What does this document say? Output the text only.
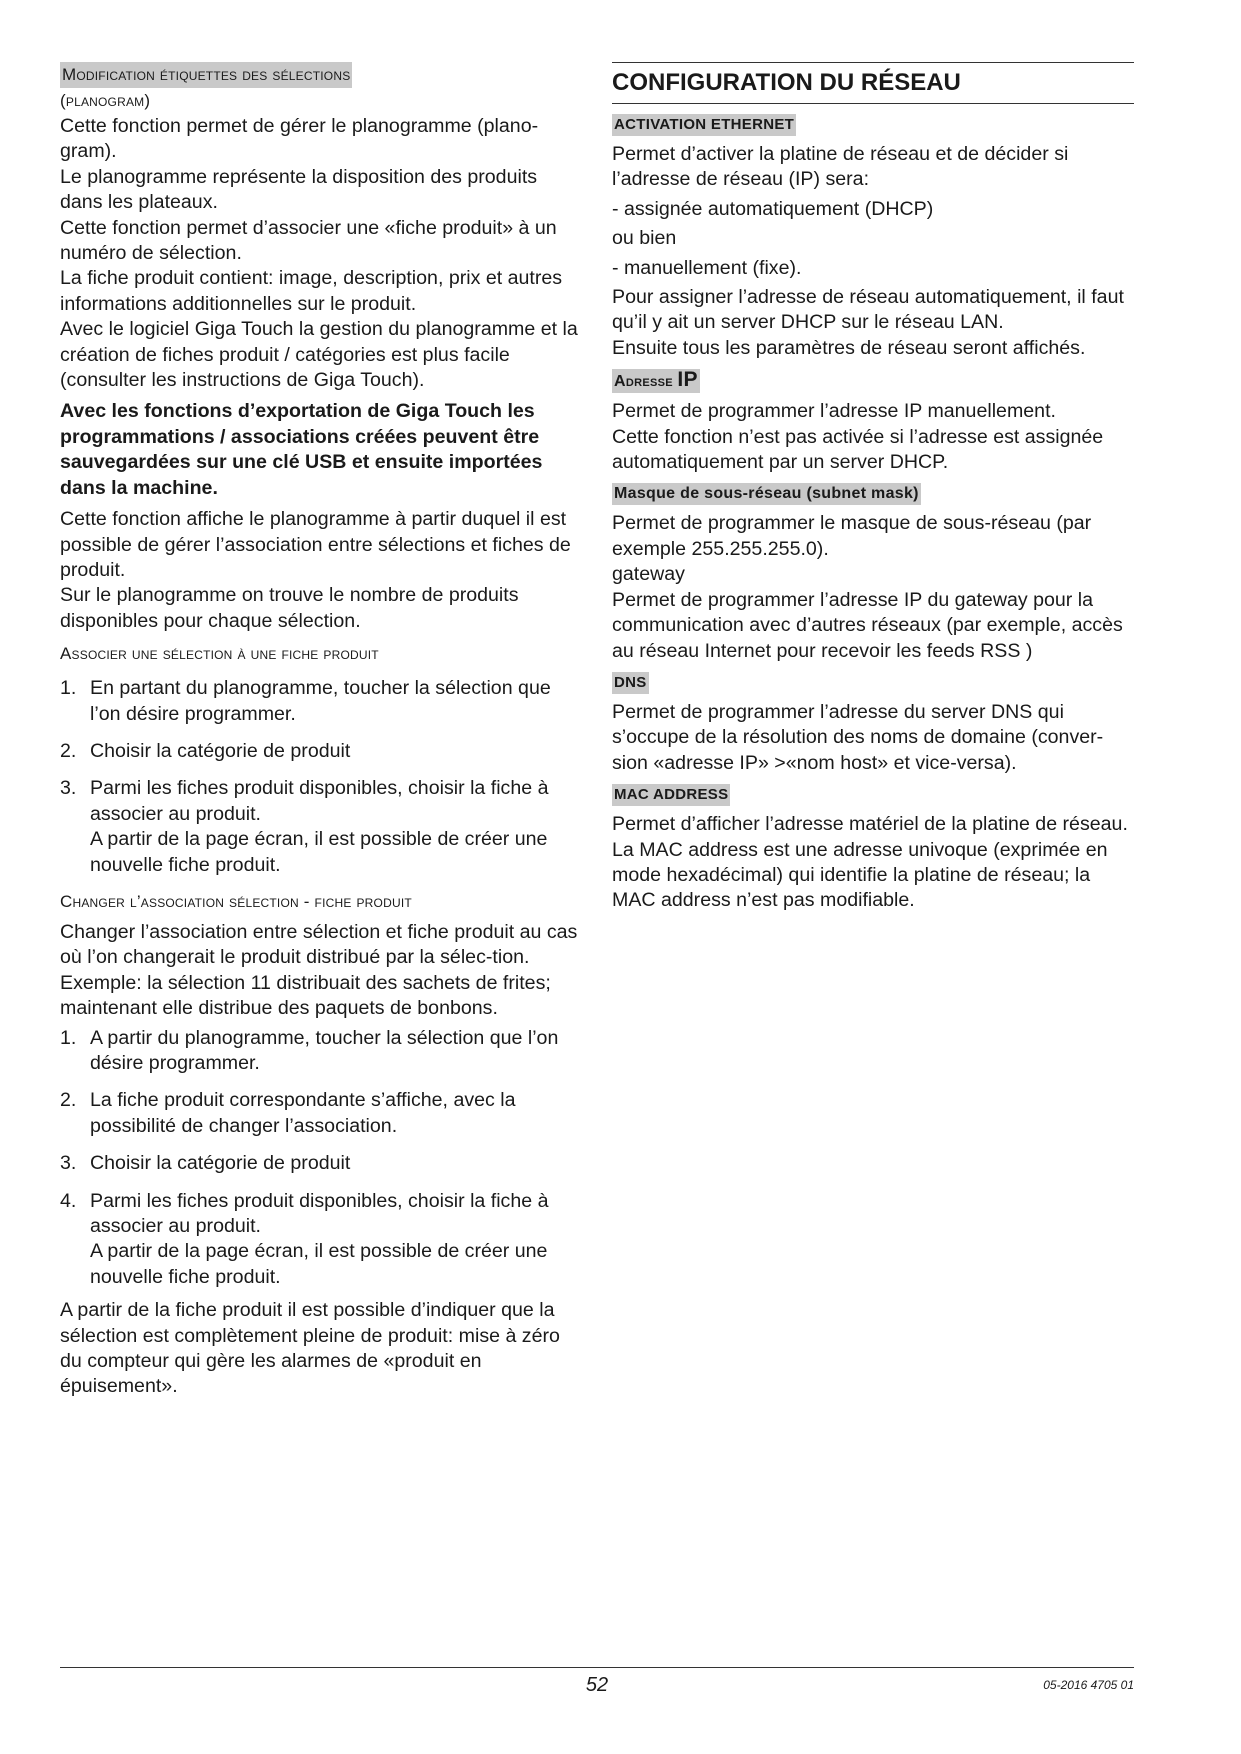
Modification étiquettes des sélections
(planogram)

Cette fonction permet de gérer le planogramme (plano-gram).

Le planogramme représente la disposition des produits dans les plateaux.

Cette fonction permet d’associer une «fiche produit» à un numéro de sélection.

La fiche produit contient: image, description, prix et autres informations additionnelles sur le produit.

Avec le logiciel Giga Touch la gestion du planogramme et la création de fiches produit / catégories est plus facile (consulter les instructions de Giga Touch).

Avec les fonctions d’exportation de Giga Touch les programmations / associations créées peuvent être sauvegardées sur une clé USB et ensuite importées dans la machine.

Cette fonction affiche le planogramme à partir duquel il est possible de gérer l’association entre sélections et fiches de produit.

Sur le planogramme on trouve le nombre de produits disponibles pour chaque sélection.

Associer une sélection à une fiche produit
1. En partant du planogramme, toucher la sélection que l’on désire programmer.
2. Choisir la catégorie de produit
3. Parmi les fiches produit disponibles, choisir la fiche à associer au produit.
A partir de la page écran, il est possible de créer une nouvelle fiche produit.
Changer l’association sélection - fiche produit

Changer l’association entre sélection et fiche produit au cas où l’on changerait le produit distribué par la sélec-tion.

Exemple: la sélection 11 distribuait des sachets de frites; maintenant elle distribue des paquets de bonbons.

1. A partir du planogramme, toucher la sélection que l’on désire programmer.
2. La fiche produit correspondante s’affiche, avec la possibilité de changer l’association.
3. Choisir la catégorie de produit
4. Parmi les fiches produit disponibles, choisir la fiche à associer au produit.
A partir de la page écran, il est possible de créer une nouvelle fiche produit.

A partir de la fiche produit il est possible d’indiquer que la sélection est complètement pleine de produit: mise à zéro du compteur qui gère les alarmes de «produit en épuisement».

CONFIGURATION DU RÉSEAU
ACTIVATION ETHERNET

Permet d’activer la platine de réseau et de décider si l’adresse de réseau (IP) sera:

- assignée automatiquement (DHCP)

ou bien

- manuellement (fixe).

Pour assigner l’adresse de réseau automatiquement, il faut qu’il y ait un server DHCP sur le réseau LAN.

Ensuite tous les paramètres de réseau seront affichés.

Adresse IP

Permet de programmer l’adresse IP manuellement.

Cette fonction n’est pas activée si l’adresse est assignée automatiquement par un server DHCP.

Masque de sous-réseau (subnet mask)

Permet de programmer le masque de sous-réseau (par exemple 255.255.255.0).

gateway

Permet de programmer l’adresse IP du gateway pour la communication avec d’autres réseaux (par exemple, accès au réseau Internet pour recevoir les feeds RSS )

DNS

Permet de programmer l’adresse du server DNS qui s’occupe de la résolution des noms de domaine (conver-sion «adresse IP» >«nom host» et vice-versa).

MAC ADDRESS

Permet d’afficher l’adresse matériel de la platine de réseau.

La MAC address est une adresse univoque (exprimée en mode hexadécimal) qui identifie la platine de réseau; la MAC address n’est pas modifiable.

52	05-2016 4705 01
